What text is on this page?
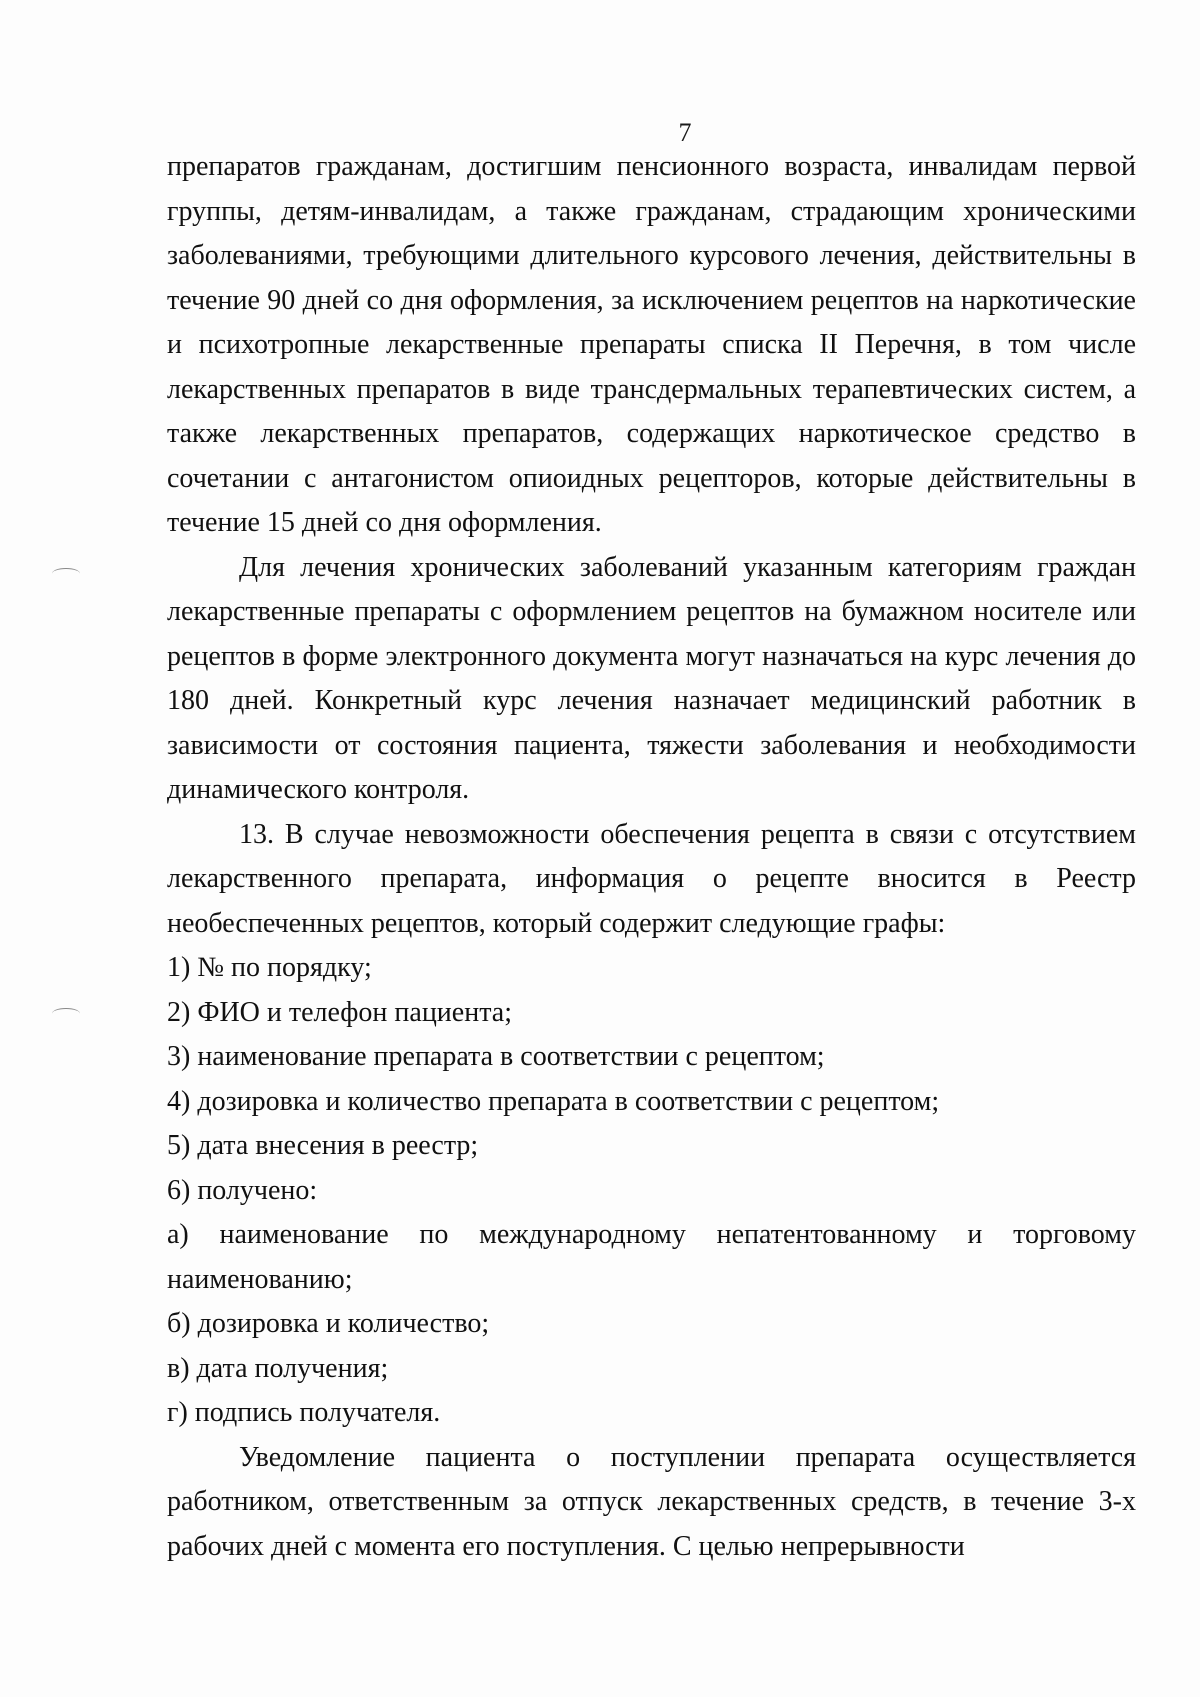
7

препаратов гражданам, достигшим пенсионного возраста, инвалидам первой группы, детям-инвалидам, а также гражданам, страдающим хроническими заболеваниями, требующими длительного курсового лечения, действительны в течение 90 дней со дня оформления, за исключением рецептов на наркотические и психотропные лекарственные препараты списка II Перечня, в том числе лекарственных препаратов в виде трансдермальных терапевтических систем, а также лекарственных препаратов, содержащих наркотическое средство в сочетании с антагонистом опиоидных рецепторов, которые действительны в течение 15 дней со дня оформления.

Для лечения хронических заболеваний указанным категориям граждан лекарственные препараты с оформлением рецептов на бумажном носителе или рецептов в форме электронного документа могут назначаться на курс лечения до 180 дней. Конкретный курс лечения назначает медицинский работник в зависимости от состояния пациента, тяжести заболевания и необходимости динамического контроля.

13. В случае невозможности обеспечения рецепта в связи с отсутствием лекарственного препарата, информация о рецепте вносится в Реестр необеспеченных рецептов, который содержит следующие графы:

1) № по порядку;

2) ФИО и телефон пациента;

3) наименование препарата в соответствии с рецептом;

4) дозировка и количество препарата в соответствии с рецептом;

5) дата внесения в реестр;

6) получено:

а) наименование по международному непатентованному и торговому наименованию;

б) дозировка и количество;

в) дата получения;

г) подпись получателя.

Уведомление пациента о поступлении препарата осуществляется работником, ответственным за отпуск лекарственных средств, в течение 3-х рабочих дней с момента его поступления. С целью непрерывности
